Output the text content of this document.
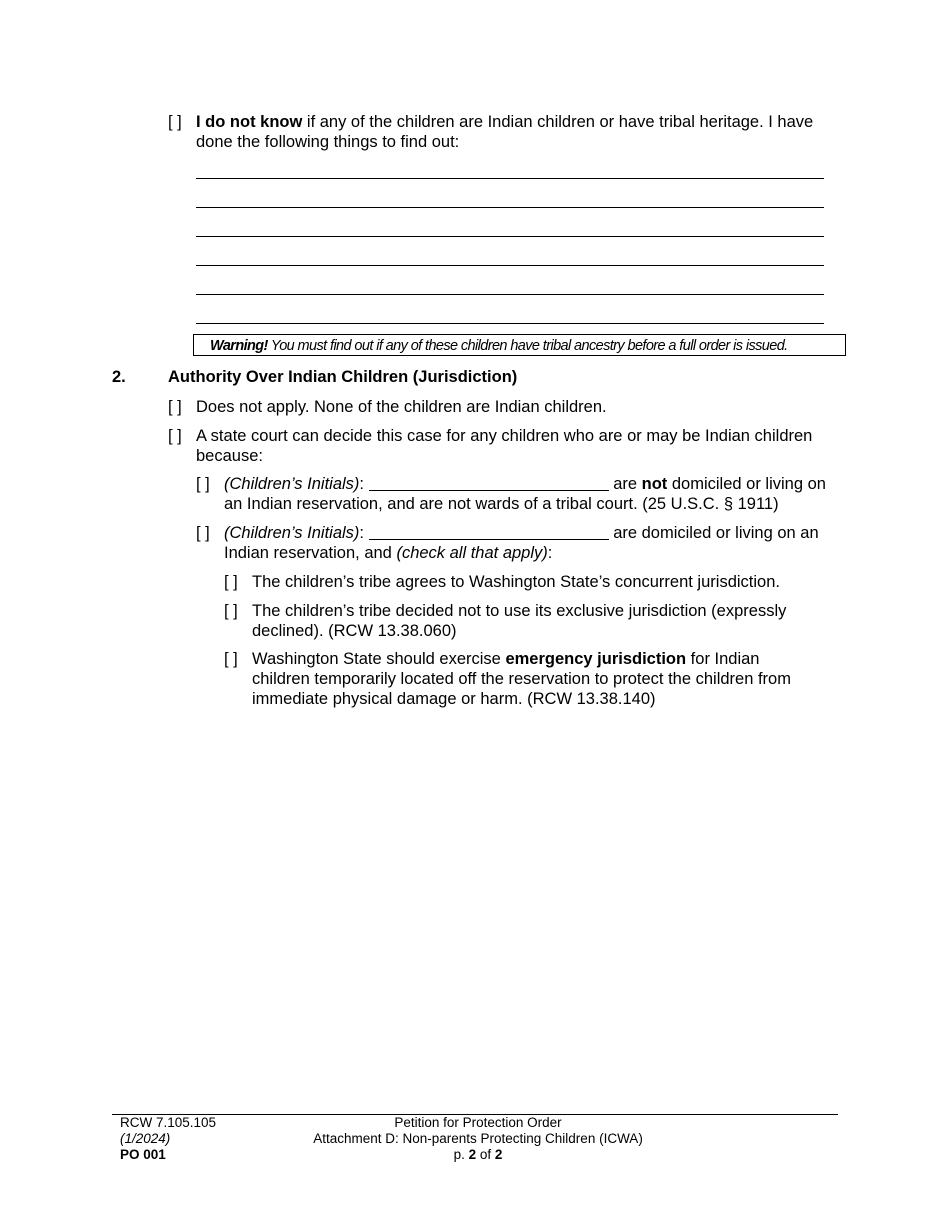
[ ] I do not know if any of the children are Indian children or have tribal heritage. I have done the following things to find out:
Warning! You must find out if any of these children have tribal ancestry before a full order is issued.
2.	Authority Over Indian Children (Jurisdiction)
[ ] Does not apply. None of the children are Indian children.
[ ] A state court can decide this case for any children who are or may be Indian children because:
[ ] (Children’s Initials):	are not domiciled or living on an Indian reservation, and are not wards of a tribal court. (25 U.S.C. § 1911)
[ ] (Children’s Initials):	are domiciled or living on an Indian reservation, and (check all that apply):
[ ] The children’s tribe agrees to Washington State’s concurrent jurisdiction.
[ ] The children’s tribe decided not to use its exclusive jurisdiction (expressly declined). (RCW 13.38.060)
[ ] Washington State should exercise emergency jurisdiction for Indian children temporarily located off the reservation to protect the children from immediate physical damage or harm. (RCW 13.38.140)
RCW 7.105.105
(1/2024)
PO 001
Petition for Protection Order
Attachment D: Non-parents Protecting Children (ICWA)
p. 2 of 2
